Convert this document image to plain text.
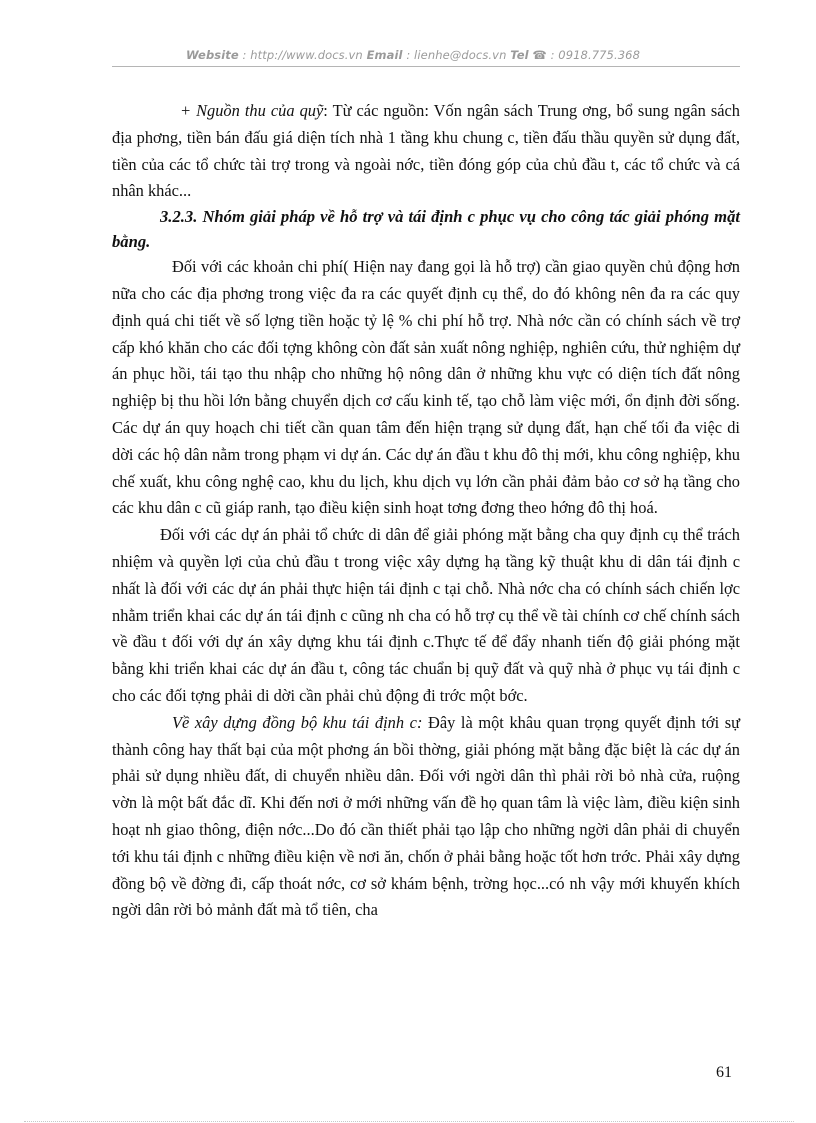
Website : http://www.docs.vn Email : lienhe@docs.vn Tel ☎ : 0918.775.368

+ Nguồn thu của quỹ: Từ các nguồn: Vốn ngân sách Trung ơng, bổ sung ngân sách địa phơng, tiền bán đấu giá diện tích nhà 1 tầng khu chung c, tiền đấu thầu quyền sử dụng đất, tiền của các tổ chức tài trợ trong và ngoài nớc, tiền đóng góp của chủ đầu t, các tổ chức và cá nhân khác...

3.2.3. Nhóm giải pháp về hỗ trợ và tái định c phục vụ cho công tác giải phóng mặt bằng.

Đối với các khoản chi phí( Hiện nay đang gọi là hỗ trợ) cần giao quyền chủ động hơn nữa cho các địa phơng trong việc đa ra các quyết định cụ thể, do đó không nên đa ra các quy định quá chi tiết về số lợng tiền hoặc tỷ lệ % chi phí hỗ trợ. Nhà nớc cần có chính sách về trợ cấp khó khăn cho các đối tợng không còn đất sản xuất nông nghiệp, nghiên cứu, thử nghiệm dự án phục hồi, tái tạo thu nhập cho những hộ nông dân ở những khu vực có diện tích đất nông nghiệp bị thu hồi lớn bằng chuyển dịch cơ cấu kinh tế, tạo chỗ làm việc mới, ổn định đời sống. Các dự án quy hoạch chi tiết cần quan tâm đến hiện trạng sử dụng đất, hạn chế tối đa việc di dời các hộ dân nằm trong phạm vi dự án. Các dự án đầu t khu đô thị mới, khu công nghiệp, khu chế xuất, khu công nghệ cao, khu du lịch, khu dịch vụ lớn cần phải đảm bảo cơ sở hạ tầng cho các khu dân c cũ giáp ranh, tạo điều kiện sinh hoạt tơng đơng theo hớng đô thị hoá.

Đối với các dự án phải tổ chức di dân để giải phóng mặt bằng cha quy định cụ thể trách nhiệm và quyền lợi của chủ đầu t trong việc xây dựng hạ tầng kỹ thuật khu di dân tái định c nhất là đối với các dự án phải thực hiện tái định c tại chỗ. Nhà nớc cha có chính sách chiến lợc nhằm triển khai các dự án tái định c cũng nh cha có hỗ trợ cụ thể về tài chính cơ chế chính sách về đầu t đối với dự án xây dựng khu tái định c.Thực tế để đẩy nhanh tiến độ giải phóng mặt bằng khi triển khai các dự án đầu t, công tác chuẩn bị quỹ đất và quỹ nhà ở phục vụ tái định c cho các đối tợng phải di dời cần phải chủ động đi trớc một bớc.

Về xây dựng đồng bộ khu tái định c: Đây là một khâu quan trọng quyết định tới sự thành công hay thất bại của một phơng án bồi thờng, giải phóng mặt bằng đặc biệt là các dự án phải sử dụng nhiều đất, di chuyển nhiều dân. Đối với ngời dân thì phải rời bỏ nhà cửa, ruộng vờn là một bất đắc dĩ. Khi đến nơi ở mới những vấn đề họ quan tâm là việc làm, điều kiện sinh hoạt nh giao thông, điện nớc...Do đó cần thiết phải tạo lập cho những ngời dân phải di chuyển tới khu tái định c những điều kiện về nơi ăn, chốn ở phải bằng hoặc tốt hơn trớc. Phải xây dựng đồng bộ về đờng đi, cấp thoát nớc, cơ sở khám bệnh, trờng học...có nh vậy mới khuyến khích ngời dân rời bỏ mảnh đất mà tổ tiên, cha

61
